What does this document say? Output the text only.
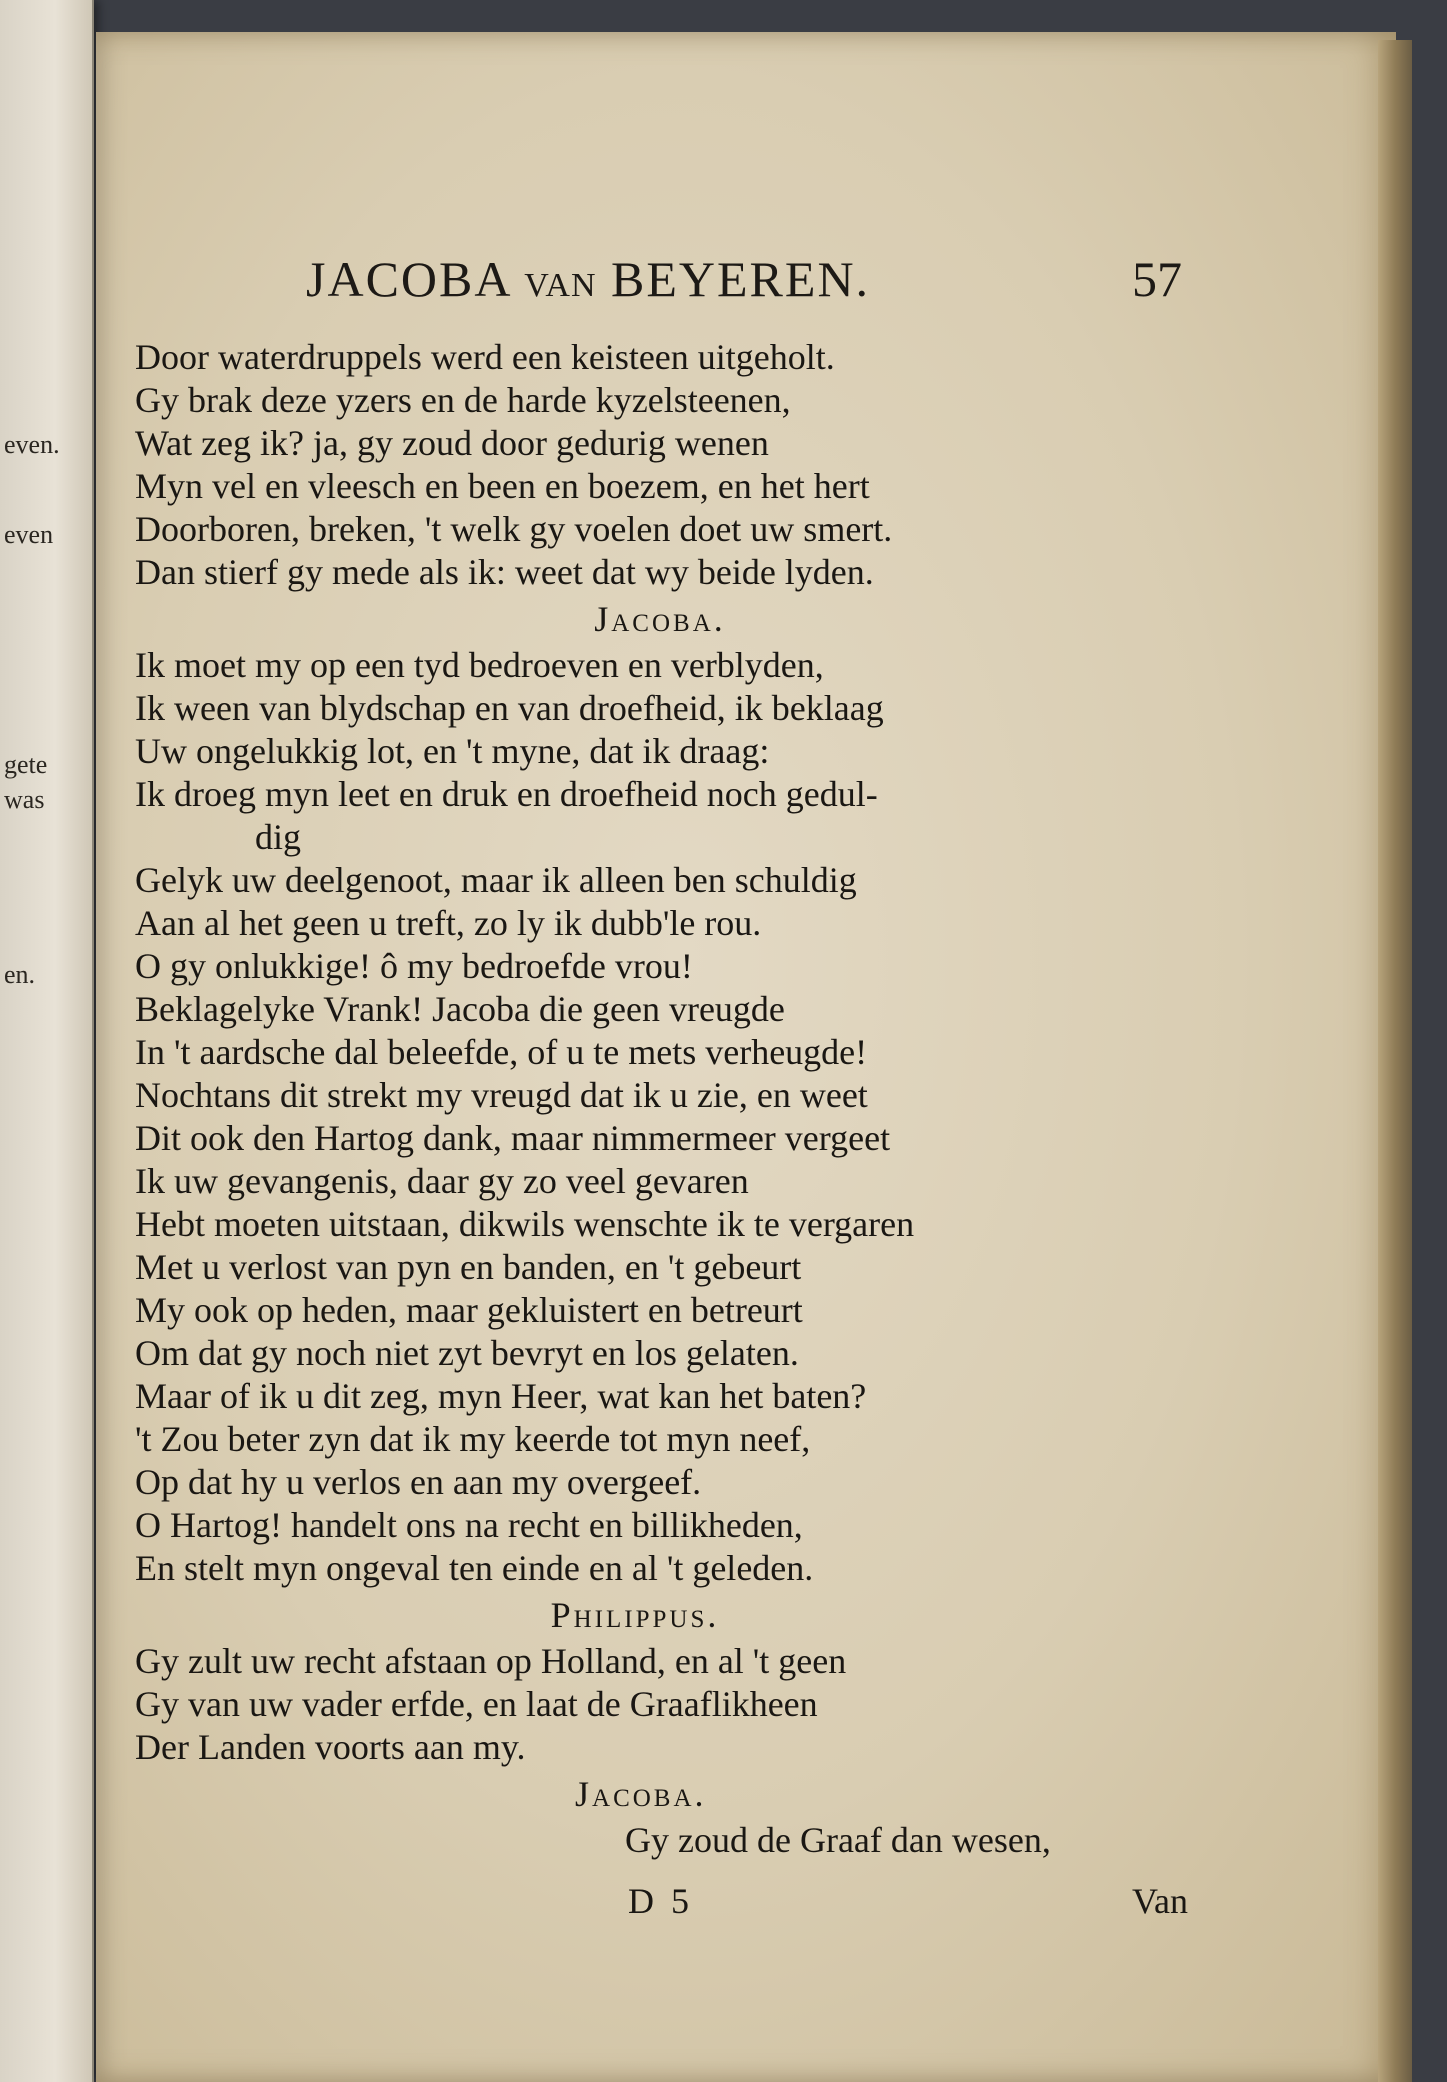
even.
even
gete
was
en.
JACOBA VAN BEYEREN.	57
Door waterdruppels werd een keisteen uitgeholt.
Gy brak deze yzers en de harde kyzelsteenen,
Wat zeg ik? ja, gy zoud door gedurig wenen
Myn vel en vleesch en been en boezem, en het hert
Doorboren, breken, 't welk gy voelen doet uw smert.
Dan stierf gy mede als ik: weet dat wy beide lyden.
Jacoba.
Ik moet my op een tyd bedroeven en verblyden,
Ik ween van blydschap en van droefheid, ik beklaag
Uw ongelukkig lot, en 't myne, dat ik draag:
Ik droeg myn leet en druk en droefheid noch gedul-
dig
Gelyk uw deelgenoot, maar ik alleen ben schuldig
Aan al het geen u treft, zo ly ik dubb'le rou.
O gy onlukkige! ô my bedroefde vrou!
Beklagelyke Vrank! Jacoba die geen vreugde
In 't aardsche dal beleefde, of u te mets verheugde!
Nochtans dit strekt my vreugd dat ik u zie, en weet
Dit ook den Hartog dank, maar nimmermeer vergeet
Ik uw gevangenis, daar gy zo veel gevaren
Hebt moeten uitstaan, dikwils wenschte ik te vergaren
Met u verlost van pyn en banden, en 't gebeurt
My ook op heden, maar gekluistert en betreurt
Om dat gy noch niet zyt bevryt en los gelaten.
Maar of ik u dit zeg, myn Heer, wat kan het baten?
't Zou beter zyn dat ik my keerde tot myn neef,
Op dat hy u verlos en aan my overgeef.
O Hartog! handelt ons na recht en billikheden,
En stelt myn ongeval ten einde en al 't geleden.
Philippus.
Gy zult uw recht afstaan op Holland, en al 't geen
Gy van uw vader erfde, en laat de Graaflikheen
Der Landen voorts aan my.
Jacoba.
Gy zoud de Graaf dan wesen,
D 5	Van
